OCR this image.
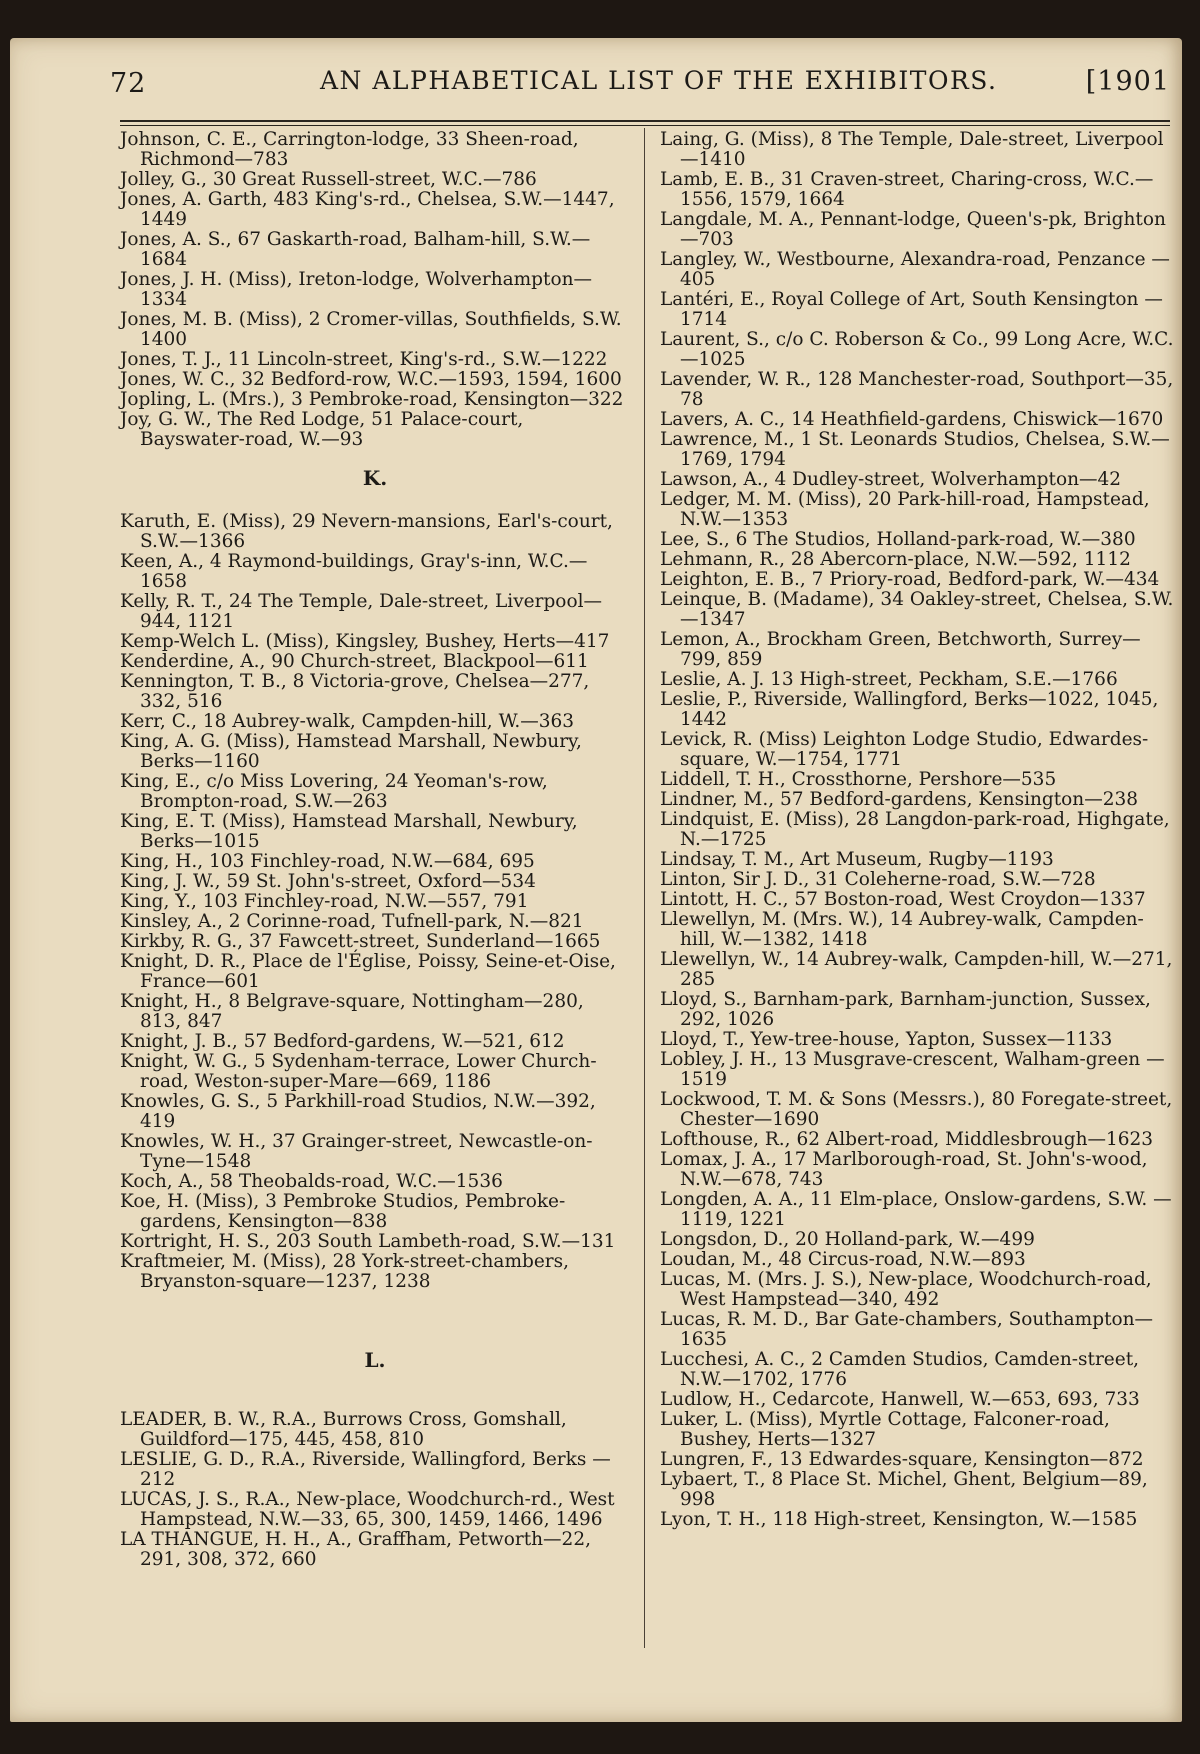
72	AN ALPHABETICAL LIST OF THE EXHIBITORS.	[1901

Johnson, C. E., Carrington-lodge, 33 Sheen-road, Richmond—783

Jolley, G., 30 Great Russell-street, W.C.—786

Jones, A. Garth, 483 King's-rd., Chelsea, S.W.—1447, 1449

Jones, A. S., 67 Gaskarth-road, Balham-hill, S.W.—1684

Jones, J. H. (Miss), Ireton-lodge, Wolverhampton—1334

Jones, M. B. (Miss), 2 Cromer-villas, Southfields, S.W. 1400

Jones, T. J., 11 Lincoln-street, King's-rd., S.W.—1222

Jones, W. C., 32 Bedford-row, W.C.—1593, 1594, 1600

Jopling, L. (Mrs.), 3 Pembroke-road, Kensington—322

Joy, G. W., The Red Lodge, 51 Palace-court, Bayswater-road, W.—93

K.

Karuth, E. (Miss), 29 Nevern-mansions, Earl's-court, S.W.—1366

Keen, A., 4 Raymond-buildings, Gray's-inn, W.C.—1658

Kelly, R. T., 24 The Temple, Dale-street, Liverpool—944, 1121

Kemp-Welch L. (Miss), Kingsley, Bushey, Herts—417

Kenderdine, A., 90 Church-street, Blackpool—611

Kennington, T. B., 8 Victoria-grove, Chelsea—277, 332, 516

Kerr, C., 18 Aubrey-walk, Campden-hill, W.—363

King, A. G. (Miss), Hamstead Marshall, Newbury, Berks—1160

King, E., c/o Miss Lovering, 24 Yeoman's-row, Brompton-road, S.W.—263

King, E. T. (Miss), Hamstead Marshall, Newbury, Berks—1015

King, H., 103 Finchley-road, N.W.—684, 695

King, J. W., 59 St. John's-street, Oxford—534

King, Y., 103 Finchley-road, N.W.—557, 791

Kinsley, A., 2 Corinne-road, Tufnell-park, N.—821

Kirkby, R. G., 37 Fawcett-street, Sunderland—1665

Knight, D. R., Place de l'Église, Poissy, Seine-et-Oise, France—601

Knight, H., 8 Belgrave-square, Nottingham—280, 813, 847

Knight, J. B., 57 Bedford-gardens, W.—521, 612

Knight, W. G., 5 Sydenham-terrace, Lower Church-road, Weston-super-Mare—669, 1186

Knowles, G. S., 5 Parkhill-road Studios, N.W.—392, 419

Knowles, W. H., 37 Grainger-street, Newcastle-on-Tyne—1548

Koch, A., 58 Theobalds-road, W.C.—1536

Koe, H. (Miss), 3 Pembroke Studios, Pembroke-gardens, Kensington—838

Kortright, H. S., 203 South Lambeth-road, S.W.—131

Kraftmeier, M. (Miss), 28 York-street-chambers, Bryanston-square—1237, 1238

L.

LEADER, B. W., R.A., Burrows Cross, Gomshall, Guildford—175, 445, 458, 810

LESLIE, G. D., R.A., Riverside, Wallingford, Berks —212

LUCAS, J. S., R.A., New-place, Woodchurch-rd., West Hampstead, N.W.—33, 65, 300, 1459, 1466, 1496

LA THANGUE, H. H., A., Graffham, Petworth—22, 291, 308, 372, 660

Laing, G. (Miss), 8 The Temple, Dale-street, Liverpool—1410

Lamb, E. B., 31 Craven-street, Charing-cross, W.C.—1556, 1579, 1664

Langdale, M. A., Pennant-lodge, Queen's-pk, Brighton —703

Langley, W., Westbourne, Alexandra-road, Penzance —405

Lantéri, E., Royal College of Art, South Kensington —1714

Laurent, S., c/o C. Roberson & Co., 99 Long Acre, W.C.—1025

Lavender, W. R., 128 Manchester-road, Southport—35, 78

Lavers, A. C., 14 Heathfield-gardens, Chiswick—1670

Lawrence, M., 1 St. Leonards Studios, Chelsea, S.W.—1769, 1794

Lawson, A., 4 Dudley-street, Wolverhampton—42

Ledger, M. M. (Miss), 20 Park-hill-road, Hampstead, N.W.—1353

Lee, S., 6 The Studios, Holland-park-road, W.—380

Lehmann, R., 28 Abercorn-place, N.W.—592, 1112

Leighton, E. B., 7 Priory-road, Bedford-park, W.—434

Leinque, B. (Madame), 34 Oakley-street, Chelsea, S.W.—1347

Lemon, A., Brockham Green, Betchworth, Surrey—799, 859

Leslie, A. J. 13 High-street, Peckham, S.E.—1766

Leslie, P., Riverside, Wallingford, Berks—1022, 1045, 1442

Levick, R. (Miss) Leighton Lodge Studio, Edwardes-square, W.—1754, 1771

Liddell, T. H., Crossthorne, Pershore—535

Lindner, M., 57 Bedford-gardens, Kensington—238

Lindquist, E. (Miss), 28 Langdon-park-road, Highgate, N.—1725

Lindsay, T. M., Art Museum, Rugby—1193

Linton, Sir J. D., 31 Coleherne-road, S.W.—728

Lintott, H. C., 57 Boston-road, West Croydon—1337

Llewellyn, M. (Mrs. W.), 14 Aubrey-walk, Campden-hill, W.—1382, 1418

Llewellyn, W., 14 Aubrey-walk, Campden-hill, W.—271, 285

Lloyd, S., Barnham-park, Barnham-junction, Sussex, 292, 1026

Lloyd, T., Yew-tree-house, Yapton, Sussex—1133

Lobley, J. H., 13 Musgrave-crescent, Walham-green —1519

Lockwood, T. M. & Sons (Messrs.), 80 Foregate-street, Chester—1690

Lofthouse, R., 62 Albert-road, Middlesbrough—1623

Lomax, J. A., 17 Marlborough-road, St. John's-wood, N.W.—678, 743

Longden, A. A., 11 Elm-place, Onslow-gardens, S.W. —1119, 1221

Longsdon, D., 20 Holland-park, W.—499

Loudan, M., 48 Circus-road, N.W.—893

Lucas, M. (Mrs. J. S.), New-place, Woodchurch-road, West Hampstead—340, 492

Lucas, R. M. D., Bar Gate-chambers, Southampton—1635

Lucchesi, A. C., 2 Camden Studios, Camden-street, N.W.—1702, 1776

Ludlow, H., Cedarcote, Hanwell, W.—653, 693, 733

Luker, L. (Miss), Myrtle Cottage, Falconer-road, Bushey, Herts—1327

Lungren, F., 13 Edwardes-square, Kensington—872

Lybaert, T., 8 Place St. Michel, Ghent, Belgium—89, 998

Lyon, T. H., 118 High-street, Kensington, W.—1585
